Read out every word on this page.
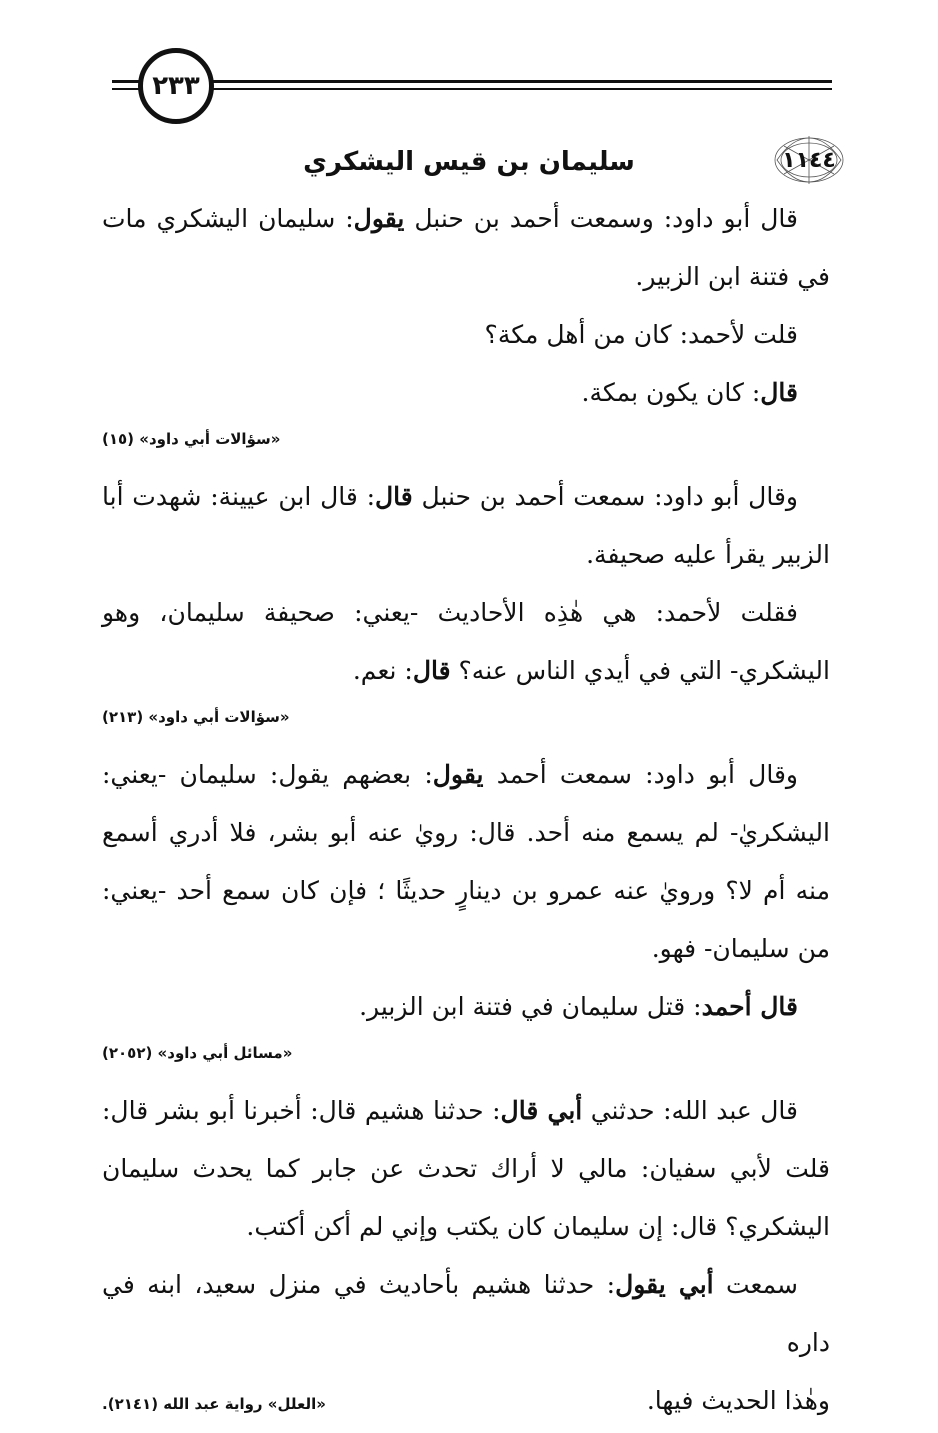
٢٣٣
١١٤٤
سليمان بن قيس اليشكري

قال أبو داود: وسمعت أحمد بن حنبل يقول: سليمان اليشكري مات في فتنة ابن الزبير.

قلت لأحمد: كان من أهل مكة؟

قال: كان يكون بمكة.

«سؤالات أبي داود» (١٥)

وقال أبو داود: سمعت أحمد بن حنبل قال: قال ابن عيينة: شهدت أبا الزبير يقرأ عليه صحيفة.

فقلت لأحمد: هي هٰذِه الأحاديث -يعني: صحيفة سليمان، وهو اليشكري- التي في أيدي الناس عنه؟ قال: نعم.

«سؤالات أبي داود» (٢١٣)

وقال أبو داود: سمعت أحمد يقول: بعضهم يقول: سليمان -يعني: اليشكريٰ- لم يسمع منه أحد. قال: رويٰ عنه أبو بشر، فلا أدري أسمع منه أم لا؟ ورويٰ عنه عمرو بن دينارٍ حديثًا ؛ فإن كان سمع أحد -يعني: من سليمان- فهو.

قال أحمد: قتل سليمان في فتنة ابن الزبير.

«مسائل أبي داود» (٢٠٥٢)

قال عبد الله: حدثني أبي قال: حدثنا هشيم قال: أخبرنا أبو بشر قال: قلت لأبي سفيان: مالي لا أراك تحدث عن جابر كما يحدث سليمان اليشكري؟ قال: إن سليمان كان يكتب وإني لم أكن أكتب.

سمعت أبي يقول: حدثنا هشيم بأحاديث في منزل سعيد، ابنه في داره

وهٰذا الحديث فيها.
«العلل» رواية عبد الله (٢١٤١).
